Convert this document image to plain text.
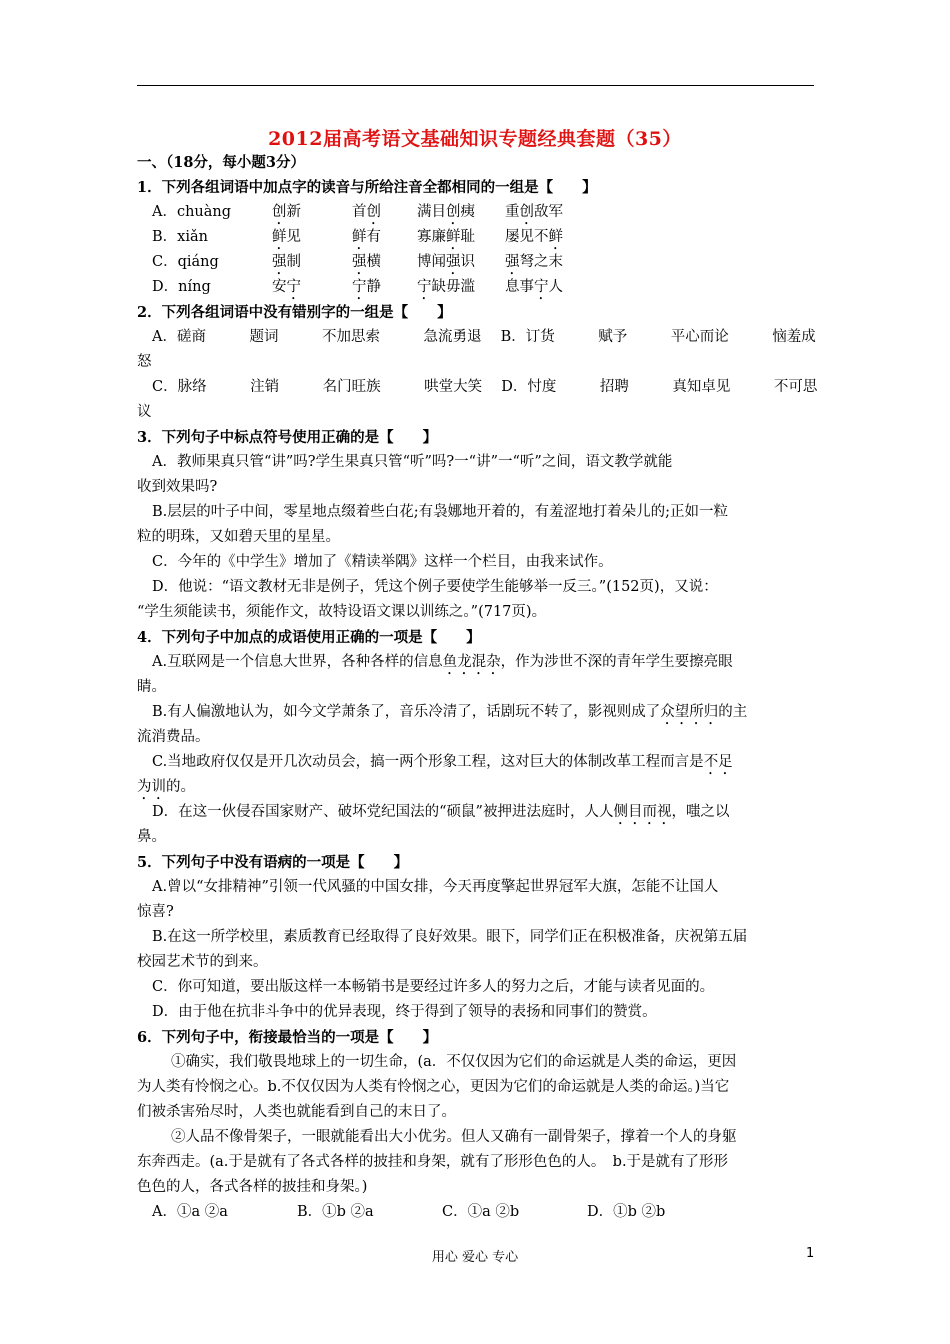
2012届高考语文基础知识专题经典套题（35）
一、（18分，每小题3分）
1．下列各组词语中加点字的读音与所给注音全都相同的一组是【　　】
A．chuàng	创新	首创	满目创痍	重创敌军
B．xiǎn	鲜见	鲜有	寡廉鲜耻	屡见不鲜
C．qiáng	强制	强横	博闻强识	强弩之末
D．níng	安宁	宁静	宁缺毋滥	息事宁人
2．下列各组词语中没有错别字的一组是【　　】
A．磋商　　　题词　　　不加思索　　　急流勇退　 B．订货　　　赋予　　　平心而论　　　恼羞成
怒
C．脉络　　　注销　　　名门旺族　　　哄堂大笑　 D．忖度　　　招聘　　　真知卓见　　　不可思
议
3．下列句子中标点符号使用正确的是【　　】
A．教师果真只管“讲”吗?学生果真只管“听”吗?一“讲”一“听”之间，语文教学就能
收到效果吗?
B.层层的叶子中间，零星地点缀着些白花;有袅娜地开着的，有羞涩地打着朵儿的;正如一粒
粒的明珠，又如碧天里的星星。
C．今年的《中学生》增加了《精读举隅》这样一个栏目，由我来试作。
D．他说：“语文教材无非是例子，凭这个例子要使学生能够举一反三。”(152页)，又说：
“学生须能读书，须能作文，故特设语文课以训练之。”(717页)。
4．下列句子中加点的成语使用正确的一项是【　　】
A.互联网是一个信息大世界，各种各样的信息鱼龙混杂，作为涉世不深的青年学生要擦亮眼
睛。
B.有人偏激地认为，如今文学萧条了，音乐冷清了，话剧玩不转了，影视则成了众望所归的主
流消费品。
C.当地政府仅仅是开几次动员会，搞一两个形象工程，这对巨大的体制改革工程而言是不足
为训的。
D．在这一伙侵吞国家财产、破坏党纪国法的“硕鼠”被押进法庭时，人人侧目而视，嗤之以
鼻。
5．下列句子中没有语病的一项是【　　】
A.曾以“女排精神”引领一代风骚的中国女排，今天再度擎起世界冠军大旗，怎能不让国人
惊喜?
B.在这一所学校里，素质教育已经取得了良好效果。眼下，同学们正在积极准备，庆祝第五届
校园艺术节的到来。
C．你可知道，要出版这样一本畅销书是要经过许多人的努力之后，才能与读者见面的。
D．由于他在抗非斗争中的优异表现，终于得到了领导的表扬和同事们的赞赏。
6．下列句子中，衔接最恰当的一项是【　　】
①确实，我们敬畏地球上的一切生命，(a．不仅仅因为它们的命运就是人类的命运，更因
为人类有怜悯之心。b.不仅仅因为人类有怜悯之心，更因为它们的命运就是人类的命运。)当它
们被杀害殆尽时，人类也就能看到自己的末日了。
②人品不像骨架子，一眼就能看出大小优劣。但人又确有一副骨架子，撑着一个人的身躯
东奔西走。(a.于是就有了各式各样的披挂和身架，就有了形形色色的人。　b.于是就有了形形
色色的人，各式各样的披挂和身架。)
A．①a ②a	B．①b ②a	C．①a ②b	D．①b ②b
用心 爱心 专心	1
